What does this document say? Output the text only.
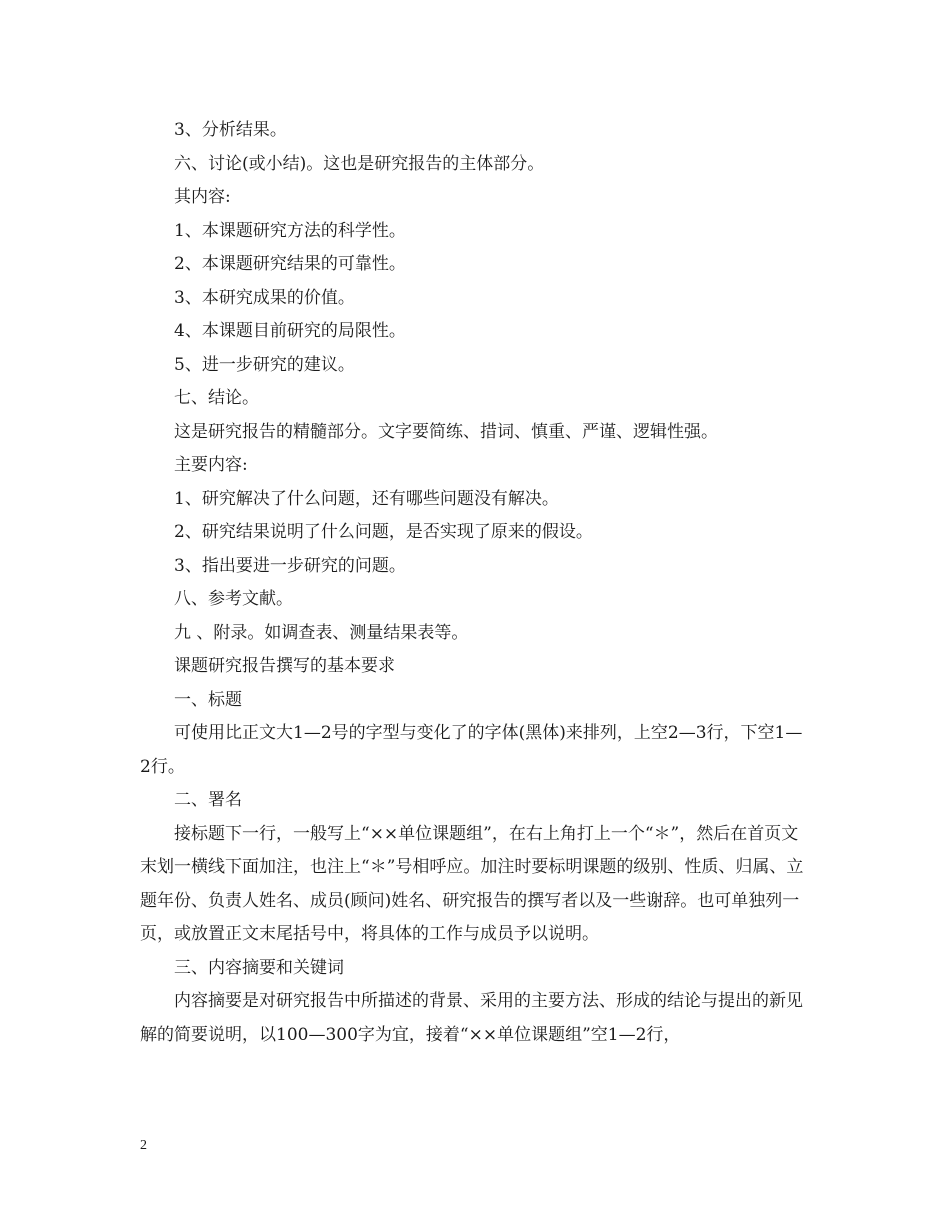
3、分析结果。

六、讨论(或小结)。这也是研究报告的主体部分。

其内容:

1、本课题研究方法的科学性。

2、本课题研究结果的可靠性。

3、本研究成果的价值。

4、本课题目前研究的局限性。

5、进一步研究的建议。

七、结论。

这是研究报告的精髓部分。文字要简练、措词、慎重、严谨、逻辑性强。

主要内容:

1、研究解决了什么问题，还有哪些问题没有解决。

2、研究结果说明了什么问题，是否实现了原来的假设。

3、指出要进一步研究的问题。

八、参考文献。

九 、附录。如调查表、测量结果表等。

课题研究报告撰写的基本要求

一、标题

可使用比正文大1—2号的字型与变化了的字体(黑体)来排列，上空2—3行，下空1—2行。

二、署名

接标题下一行，一般写上“××单位课题组”，在右上角打上一个“＊”，然后在首页文末划一横线下面加注，也注上“＊”号相呼应。加注时要标明课题的级别、性质、归属、立题年份、负责人姓名、成员(顾问)姓名、研究报告的撰写者以及一些谢辞。也可单独列一页，或放置正文末尾括号中，将具体的工作与成员予以说明。

三、内容摘要和关键词

内容摘要是对研究报告中所描述的背景、采用的主要方法、形成的结论与提出的新见解的简要说明，以100—300字为宜，接着“××单位课题组”空1—2行，

2
